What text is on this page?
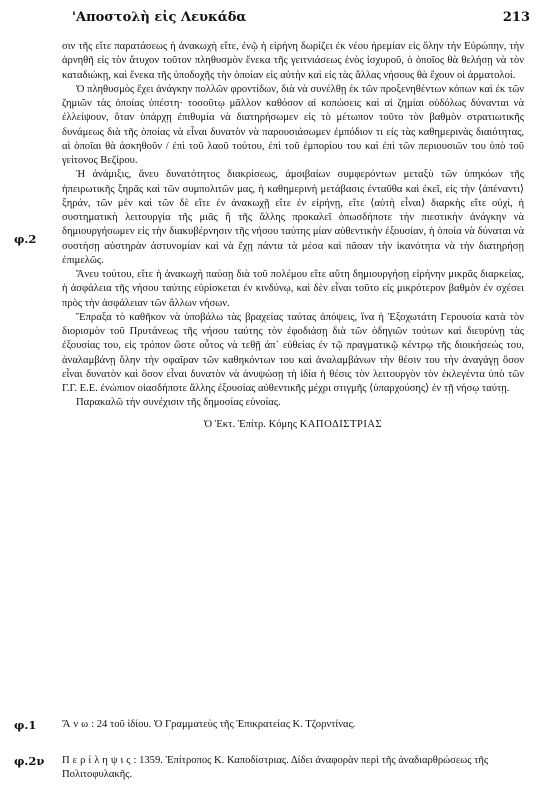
'Αποστολὴ εἰς Λευκάδα	213
φ.2

σιν τῆς εἴτε παρατάσεως ἡ ἀνακωχὴ εἴτε, ἐνῷ ἡ εἰρήνη δωρίζει ἐκ νέου ἠρεμίαν εἰς ὅλην τὴν Εὐρώπην, τὴν ἀρνηθῆ εἰς τὸν ἄτυχον τοῦτον πληθυσμὸν ἕνεκα τῆς γειτνιάσεως ἑνὸς ἰσχυροῦ, ὁ ὁποῖος θὰ θελήσῃ νὰ τὸν καταδιώκῃ, καὶ ἕνεκα τῆς ὑποδοχῆς τὴν ὁποίαν εἰς αὐτὴν καὶ εἰς τὰς ἄλλας νήσους θὰ ἔχουν οἱ ἁρματολοί.

Ὁ πληθυσμὸς ἔχει ἀνάγκην πολλῶν φροντίδων, διὰ νὰ συνέλθῃ ἐκ τῶν προξενηθέντων κόπων καὶ ἐκ τῶν ζημιῶν τὰς ὁποίας ὑπέστη· τοσοῦτῳ μᾶλλον καθόσον αἱ κοπώσεις καὶ αἱ ζημίαι οὐδόλως δύνανται νὰ ἐλλείψουν, ὅταν ὑπάρχῃ ἐπιθυμία νὰ διατηρήσωμεν εἰς τὸ μέτωπον τοῦτο τὸν βαθμὸν στρατιωτικῆς δυνάμεως διὰ τῆς ὁποίας νὰ εἶναι δυνατὸν νὰ παρουσιάσωμεν ἐμπόδιον τι εἰς τὰς καθημερινὰς διαιότητας, αἱ ὁποῖαι θὰ ἀσκηθοῦν / ἐπὶ τοῦ λαοῦ τούτου, ἐπὶ τοῦ ἐμπορίου του καὶ ἐπὶ τῶν περιουσιῶν του ὑπὸ τοῦ γείτονος Βεζίρου.

Ἡ ἀνάμιξις, ἄνευ δυνατότητος διακρίσεως, ἀμοιβαίων συμφερόντων μεταξὺ τῶν ὑπηκόων τῆς ἠπειρωτικῆς ξηρᾶς καὶ τῶν συμπολιτῶν μας, ἡ καθημερινὴ μετάβασις ἐνταῦθα καὶ ἐκεῖ, εἰς τὴν ⟨ἀπέναντι⟩ ξηράν, τῶν μὲν καὶ τῶν δὲ εἴτε ἐν ἀνακωχῇ εἴτε ἐν εἰρήνῃ, εἴτε ⟨αὐτὴ εἶναι⟩ διαρκὴς εἴτε οὐχί, ἡ συστηματικὴ λειτουργία τῆς μιᾶς ἢ τῆς ἄλλης προκαλεῖ ὁπωσδήποτε τὴν πιεστικὴν ἀνάγκην νὰ δημιουργήσωμεν εἰς τὴν διακυβέρνησιν τῆς νήσου ταύτης μίαν αὐθεντικὴν ἐξουσίαν, ἡ ὁποία νὰ δύναται νὰ συστήσῃ αὐστηρὰν ἀστυνομίαν καὶ νὰ ἔχῃ πάντα τὰ μέσα καὶ πᾶσαν τὴν ἱκανότητα νὰ τὴν διατηρήσῃ ἐπιμελῶς.

Ἄνευ τούτου, εἴτε ἡ ἀνακωχὴ παύσῃ διὰ τοῦ πολέμου εἴτε αὕτη δημιουργήσῃ εἰρήνην μικρᾶς διαρκείας, ἡ ἀσφάλεια τῆς νήσου ταύτης εὑρίσκεται ἐν κινδύνῳ, καὶ δὲν εἶναι τοῦτο εἰς μικρότερον βαθμὸν ἐν σχέσει πρὸς τὴν ἀσφάλειαν τῶν ἄλλων νήσων.

Ἔπραξα τὸ καθῆκον νὰ ὑποβάλω τὰς βραχείας ταύτας ἀπόψεις, ἵνα ἡ Ἐξοχωτάτη Γερουσία κατὰ τὸν διορισμὸν τοῦ Πρυτάνεως τῆς νήσου ταύτης τὸν ἐφοδιάσῃ διὰ τῶν ὁδηγιῶν τούτων καὶ διευρύνῃ τὰς ἐξουσίας του, εἰς τρόπον ὥστε οὗτος νὰ τεθῇ ἀπ᾽ εὐθείας ἐν τῷ πραγματικῷ κέντρῳ τῆς διοικήσεώς του, ἀναλαμβάνῃ ὅλην τὴν σφαῖραν τῶν καθηκόντων του καὶ ἀναλαμβάνων τὴν θέσιν του τὴν ἀναγάγῃ ὅσον εἶναι δυνατὸν καὶ ὅσον εἶναι δυνατὸν νὰ ἀνυψώσῃ τὴ ἰδία ἡ θέσις τὸν λειτουργὸν τὸν ἐκλεγέντα ὑπὸ τῶν Γ.Γ. Ε.Ε. ἐνώπιον οἱασδήποτε ἄλλης ἐξουσίας αὐθεντικῆς μέχρι στιγμῆς ⟨ὑπαρχούσης⟩ ἐν τῇ νήσῳ ταύτῃ.

Παρακαλῶ τὴν συνέχισιν τῆς δημοσίας εὐνοίας.

Ὁ Ἐκτ. Ἐπίτρ. Κόμης ΚΑΠΟΔΙΣΤΡΙΑΣ

φ.1 Ἄνω: 24 τοῦ ἰδίου. Ὁ Γραμματεὺς τῆς Ἐπικρατείας Κ. Τζορντίνας.
φ.2ν Περίληψις: 1359. Ἐπίτροπος Κ. Καποδίστριας. Δίδει ἀναφορὰν περὶ τῆς ἀναδιαρθρώσεως τῆς Πολιτοφυλακῆς.
